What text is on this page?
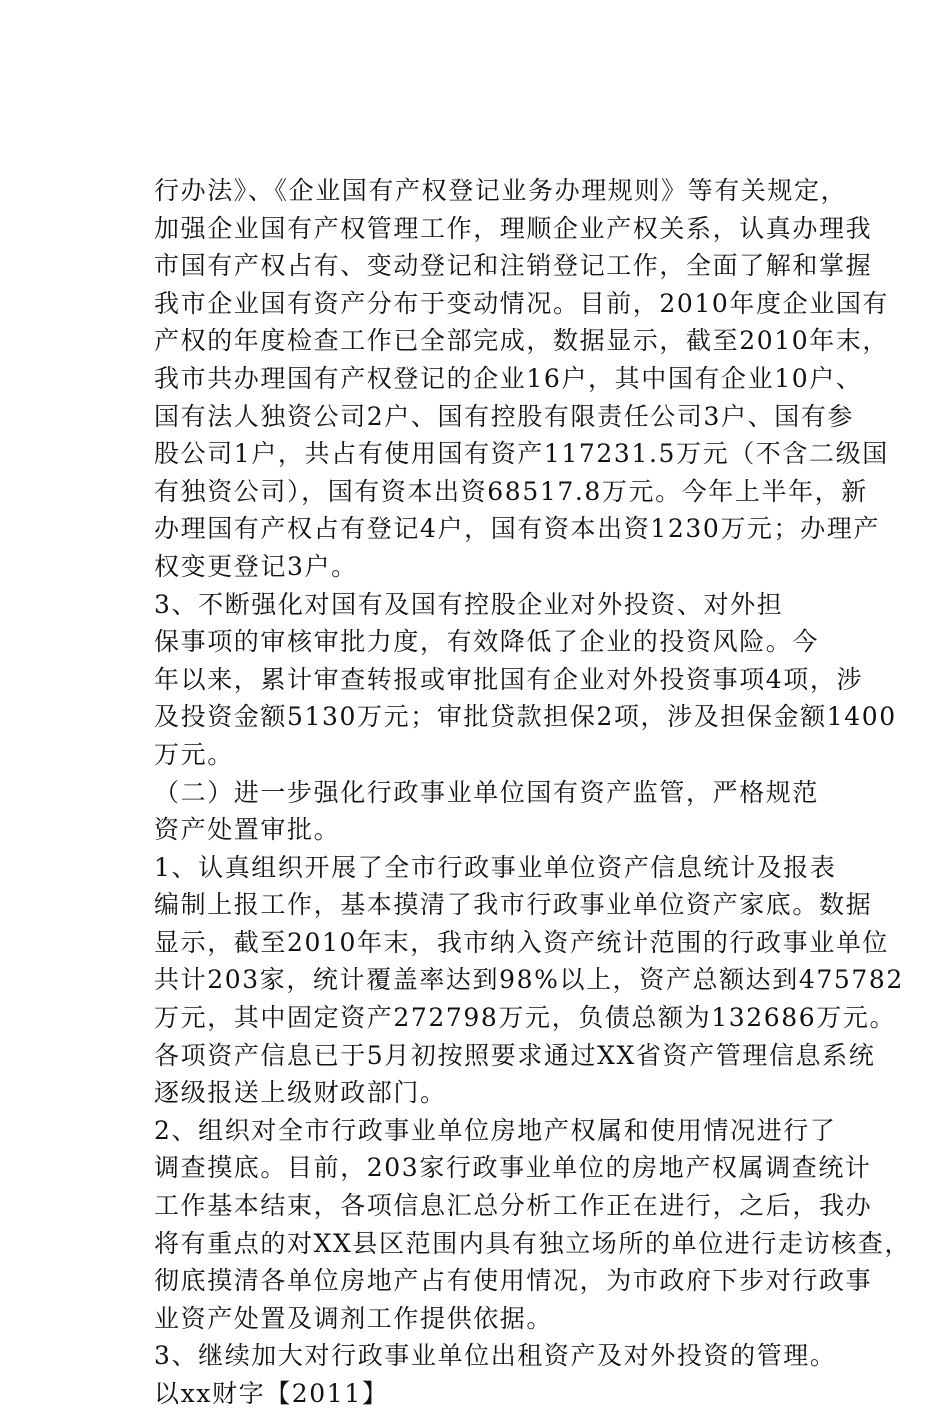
行办法》、《企业国有产权登记业务办理规则》等有关规定，
加强企业国有产权管理工作，理顺企业产权关系，认真办理我
市国有产权占有、变动登记和注销登记工作，全面了解和掌握
我市企业国有资产分布于变动情况。目前，2010年度企业国有
产权的年度检查工作已全部完成，数据显示，截至2010年末，
我市共办理国有产权登记的企业16户，其中国有企业10户、
国有法人独资公司2户、国有控股有限责任公司3户、国有参
股公司1户，共占有使用国有资产117231.5万元（不含二级国
有独资公司），国有资本出资68517.8万元。今年上半年，新
办理国有产权占有登记4户，国有资本出资1230万元；办理产
权变更登记3户。
3、不断强化对国有及国有控股企业对外投资、对外担
保事项的审核审批力度，有效降低了企业的投资风险。今
年以来，累计审查转报或审批国有企业对外投资事项4项，涉
及投资金额5130万元；审批贷款担保2项，涉及担保金额1400
万元。
（二）进一步强化行政事业单位国有资产监管，严格规范
资产处置审批。
1、认真组织开展了全市行政事业单位资产信息统计及报表
编制上报工作，基本摸清了我市行政事业单位资产家底。数据
显示，截至2010年末，我市纳入资产统计范围的行政事业单位
共计203家，统计覆盖率达到98%以上，资产总额达到475782
万元，其中固定资产272798万元，负债总额为132686万元。
各项资产信息已于5月初按照要求通过XX省资产管理信息系统
逐级报送上级财政部门。
2、组织对全市行政事业单位房地产权属和使用情况进行了
调查摸底。目前，203家行政事业单位的房地产权属调查统计
工作基本结束，各项信息汇总分析工作正在进行，之后，我办
将有重点的对XX县区范围内具有独立场所的单位进行走访核查，
彻底摸清各单位房地产占有使用情况，为市政府下步对行政事
业资产处置及调剂工作提供依据。
3、继续加大对行政事业单位出租资产及对外投资的管理。
以xx财字【2011】
